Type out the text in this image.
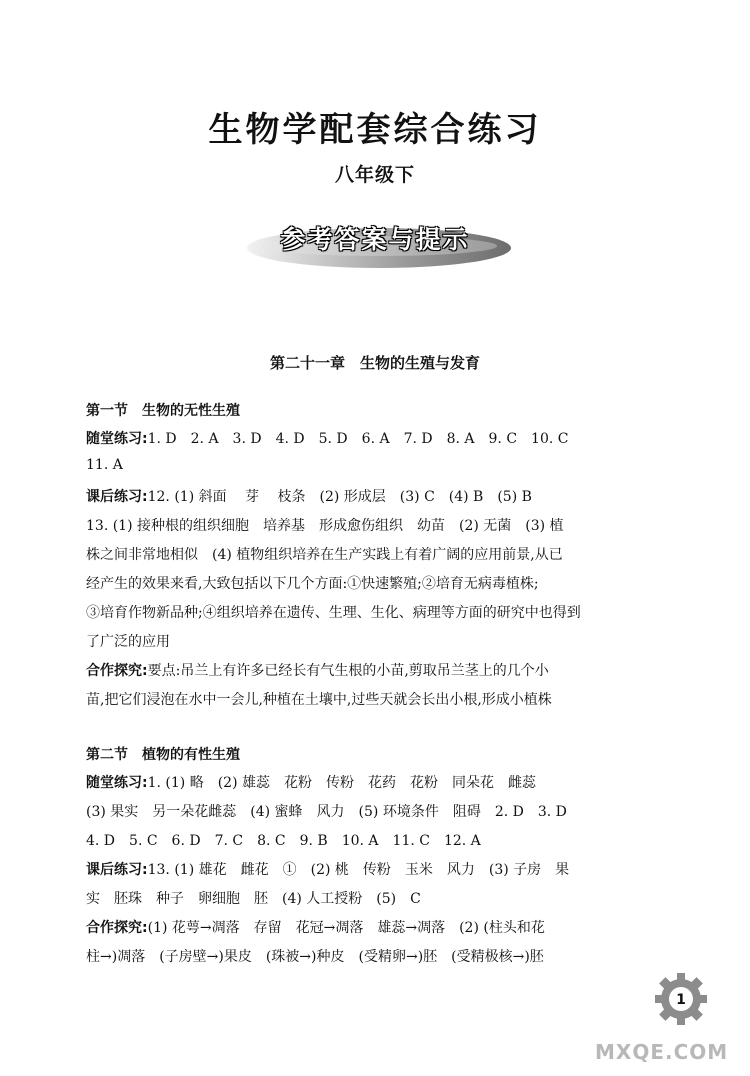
生物学配套综合练习
八年级下
参考答案与提示
第二十一章　生物的生殖与发育
第一节　生物的无性生殖
随堂练习:1. D　2. A　3. D　4. D　5. D　6. A　7. D　8. A　9. C　10. C
11. A
课后练习:12. (1) 斜面　 芽　 枝条　(2) 形成层　(3) C　(4) B　(5) B
13. (1) 接种根的组织细胞　培养基　形成愈伤组织　幼苗　(2) 无菌　(3) 植
株之间非常地相似　(4) 植物组织培养在生产实践上有着广阔的应用前景,从已
经产生的效果来看,大致包括以下几个方面:①快速繁殖;②培育无病毒植株;
③培育作物新品种;④组织培养在遗传、生理、生化、病理等方面的研究中也得到
了广泛的应用
合作探究:要点:吊兰上有许多已经长有气生根的小苗,剪取吊兰茎上的几个小
苗,把它们浸泡在水中一会儿,种植在土壤中,过些天就会长出小根,形成小植株
第二节　植物的有性生殖
随堂练习:1. (1) 略　(2) 雄蕊　花粉　传粉　花药　花粉　同朵花　雌蕊
(3) 果实　另一朵花雌蕊　(4) 蜜蜂　风力　(5) 环境条件　阻碍　2. D　3. D
4. D　5. C　6. D　7. C　8. C　9. B　10. A　11. C　12. A
课后练习:13. (1) 雄花　雌花　①　(2) 桃　传粉　玉米　风力　(3) 子房　果
实　胚珠　种子　卵细胞　胚　(4) 人工授粉　(5)　C
合作探究:(1) 花萼→凋落　存留　花冠→凋落　雄蕊→凋落　(2) (柱头和花
柱→)凋落　(子房壁→)果皮　(珠被→)种皮　(受精卵→)胚　(受精极核→)胚
1
MXQE.COM
